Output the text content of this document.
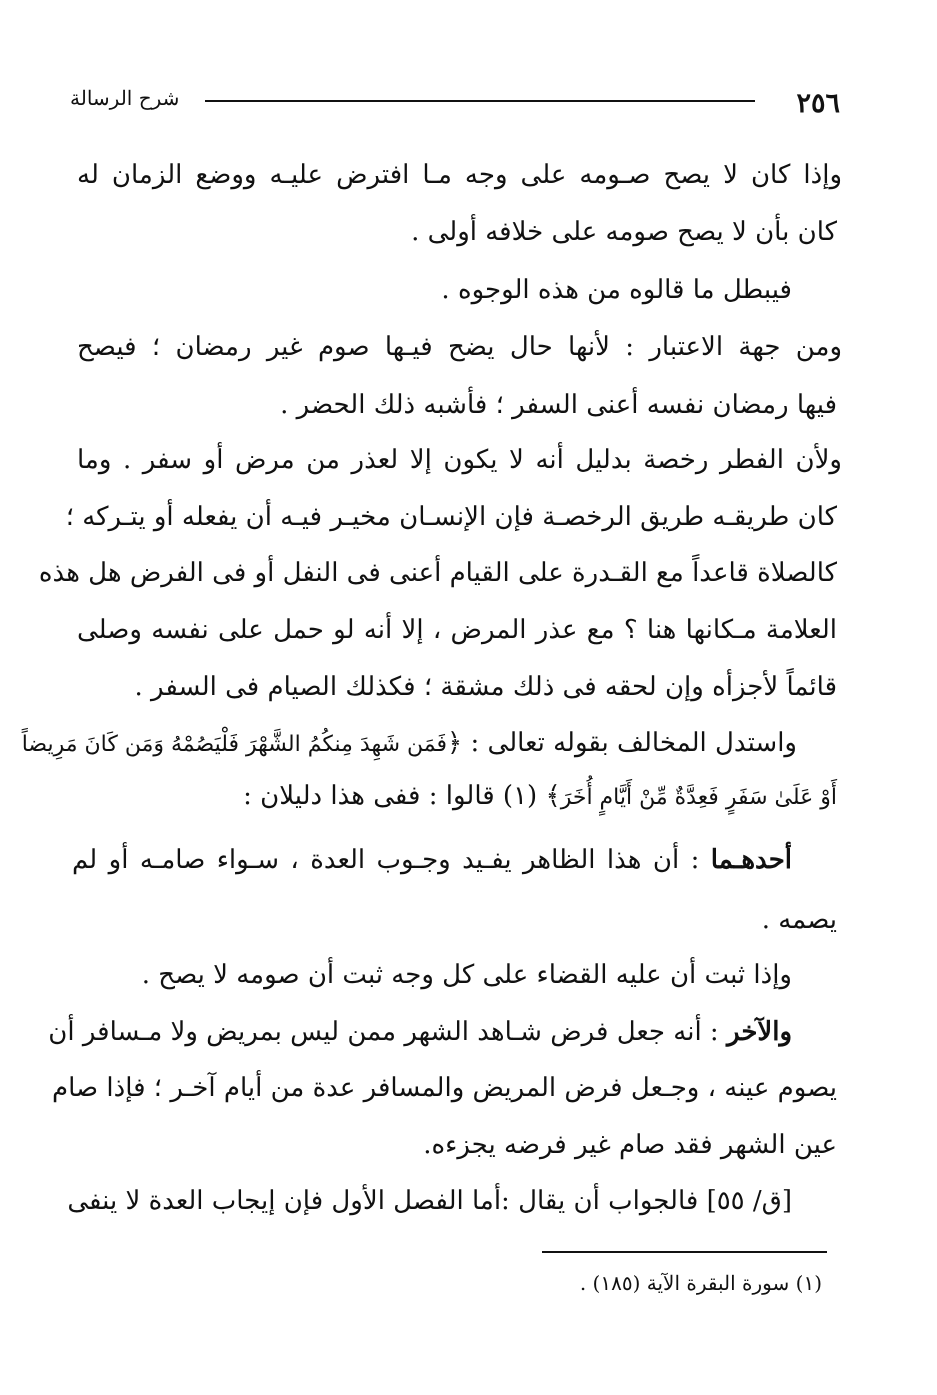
٢٥٦
شرح الرسالة
وإذا كان لا يصح صـومه على وجه مـا افترض عليـه ووضع الزمان له
كان بأن لا يصح صومه على خلافه أولى .
فيبطل ما قالوه من هذه الوجوه .
ومن جهة الاعتبار : لأنها حال يضح فيـها صوم غير رمضان ؛ فيصح
فيها رمضان نفسه أعنى السفر ؛ فأشبه ذلك الحضر .
ولأن الفطر رخصة بدليل أنه لا يكون إلا لعذر من مرض أو سفر . وما
كان طريقـه طريق الرخصـة فإن الإنسـان مخيـر فيـه أن يفعله أو يتـركه ؛
كالصلاة قاعداً مع القـدرة على القيام أعنى فى النفل أو فى الفرض هل هذه
العلامة مـكانها هنا ؟ مع عذر المرض ، إلا أنه لو حمل على نفسه وصلى
قائماً لأجزأه وإن لحقه فى ذلك مشقة ؛ فكذلك الصيام فى السفر .
واستدل المخالف بقوله تعالى : ﴿فَمَن شَهِدَ مِنكُمُ الشَّهْرَ فَلْيَصُمْهُ وَمَن كَانَ مَرِيضاً
أَوْ عَلَىٰ سَفَرٍ فَعِدَّةٌ مِّنْ أَيَّامٍ أُخَرَ﴾ (١) قالوا : ففى هذا دليلان :
أحدهـما : أن هذا الظاهر يفـيد وجـوب العدة ، سـواء صامـه أو لم
يصمه .
وإذا ثبت أن عليه القضاء على كل وجه ثبت أن صومه لا يصح .
والآخر : أنه جعل فرض شـاهد الشهر ممن ليس بمريض ولا مـسافر أن
يصوم عينه ، وجـعل فرض المريض والمسافر عدة من أيام آخـر ؛ فإذا صام
عين الشهر فقد صام غير فرضه يجزءه.
[ق/ ٥٥] فالجواب أن يقال :أما الفصل الأول فإن إيجاب العدة لا ينفى
(١) سورة البقرة الآية (١٨٥) .
